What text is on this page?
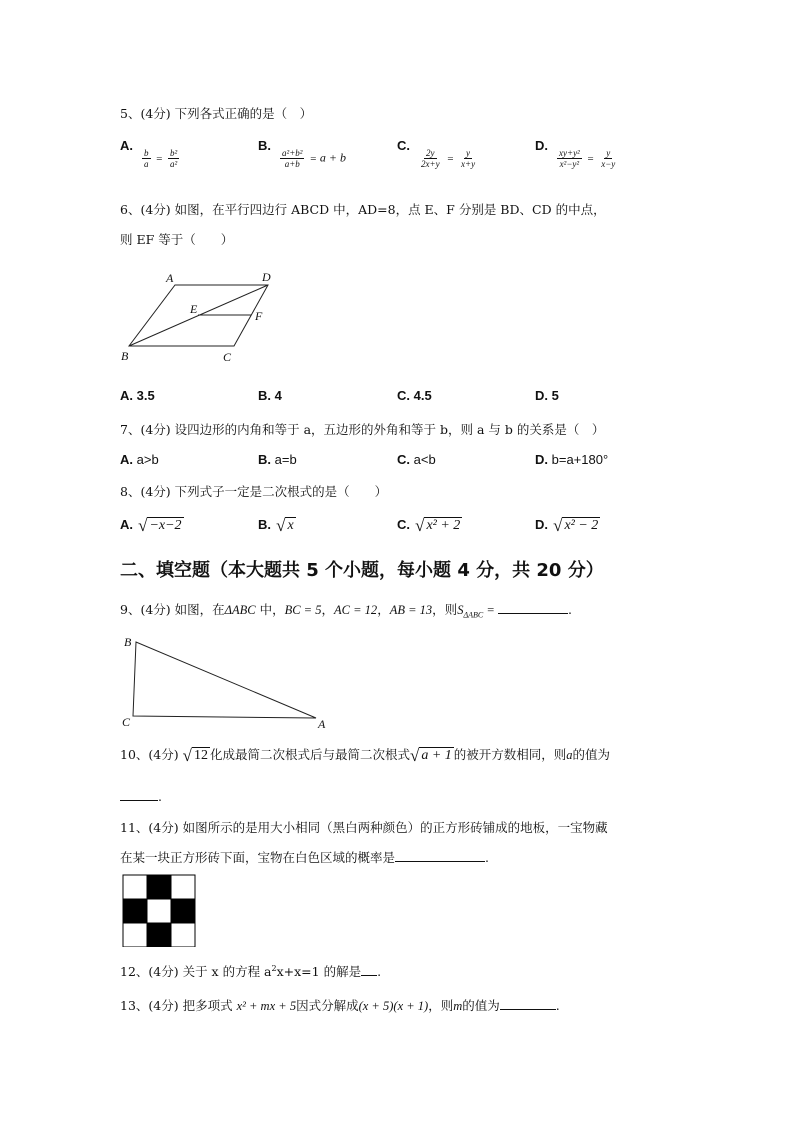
5、(4分) 下列各式正确的是（　）
A.
$\frac{b}{a} = \frac{\text{b²}}{\text{a²}}$
B.
$\frac{\text{a²+b²}}{a+b} = a + b$
C.
$\frac{2y}{2x+y} = \frac{y}{x+y}$
D.
$\frac{\text{xy+y²}}{\text{x²−y²}} = \frac{y}{x-y}$
6、(4分) 如图，在平行四边行 ABCD 中，AD=8，点 E、F 分别是 BD、CD 的中点，
则 EF 等于（　　）
A	D
E	F
B	C
A. 3.5	B. 4	C. 4.5	D. 5
7、(4分) 设四边形的内角和等于 a，五边形的外角和等于 b，则 a 与 b 的关系是（　）
A. a>b	B. a=b	C. a<b	D. b=a+180°
8、(4分) 下列式子一定是二次根式的是（　　）
A. √ −x−2	B. √ x	C. √ x² + 2	D. √ x² − 2
二、填空题（本大题共 5 个小题，每小题 4 分，共 20 分）
9、(4分) 如图，在ΔABC 中，BC = 5，AC = 12，AB = 13，则$S_{\Delta ABC}$ =	.
B
C	A
10、(4分) √ 12 化成最简二次根式后与最简二次根式√ a + 1 的被开方数相同，则a的值为
.
11、(4分) 如图所示的是用大小相同（黑白两种颜色）的正方形砖铺成的地板，一宝物藏
在某一块正方形砖下面，宝物在白色区域的概率是	.
12、(4分) 关于 x 的方程 $a^2x+x=1$ 的解是 .
13、(4分) 把多项式 x² + mx + 5因式分解成(x + 5)(x + 1)，则m的值为	.
